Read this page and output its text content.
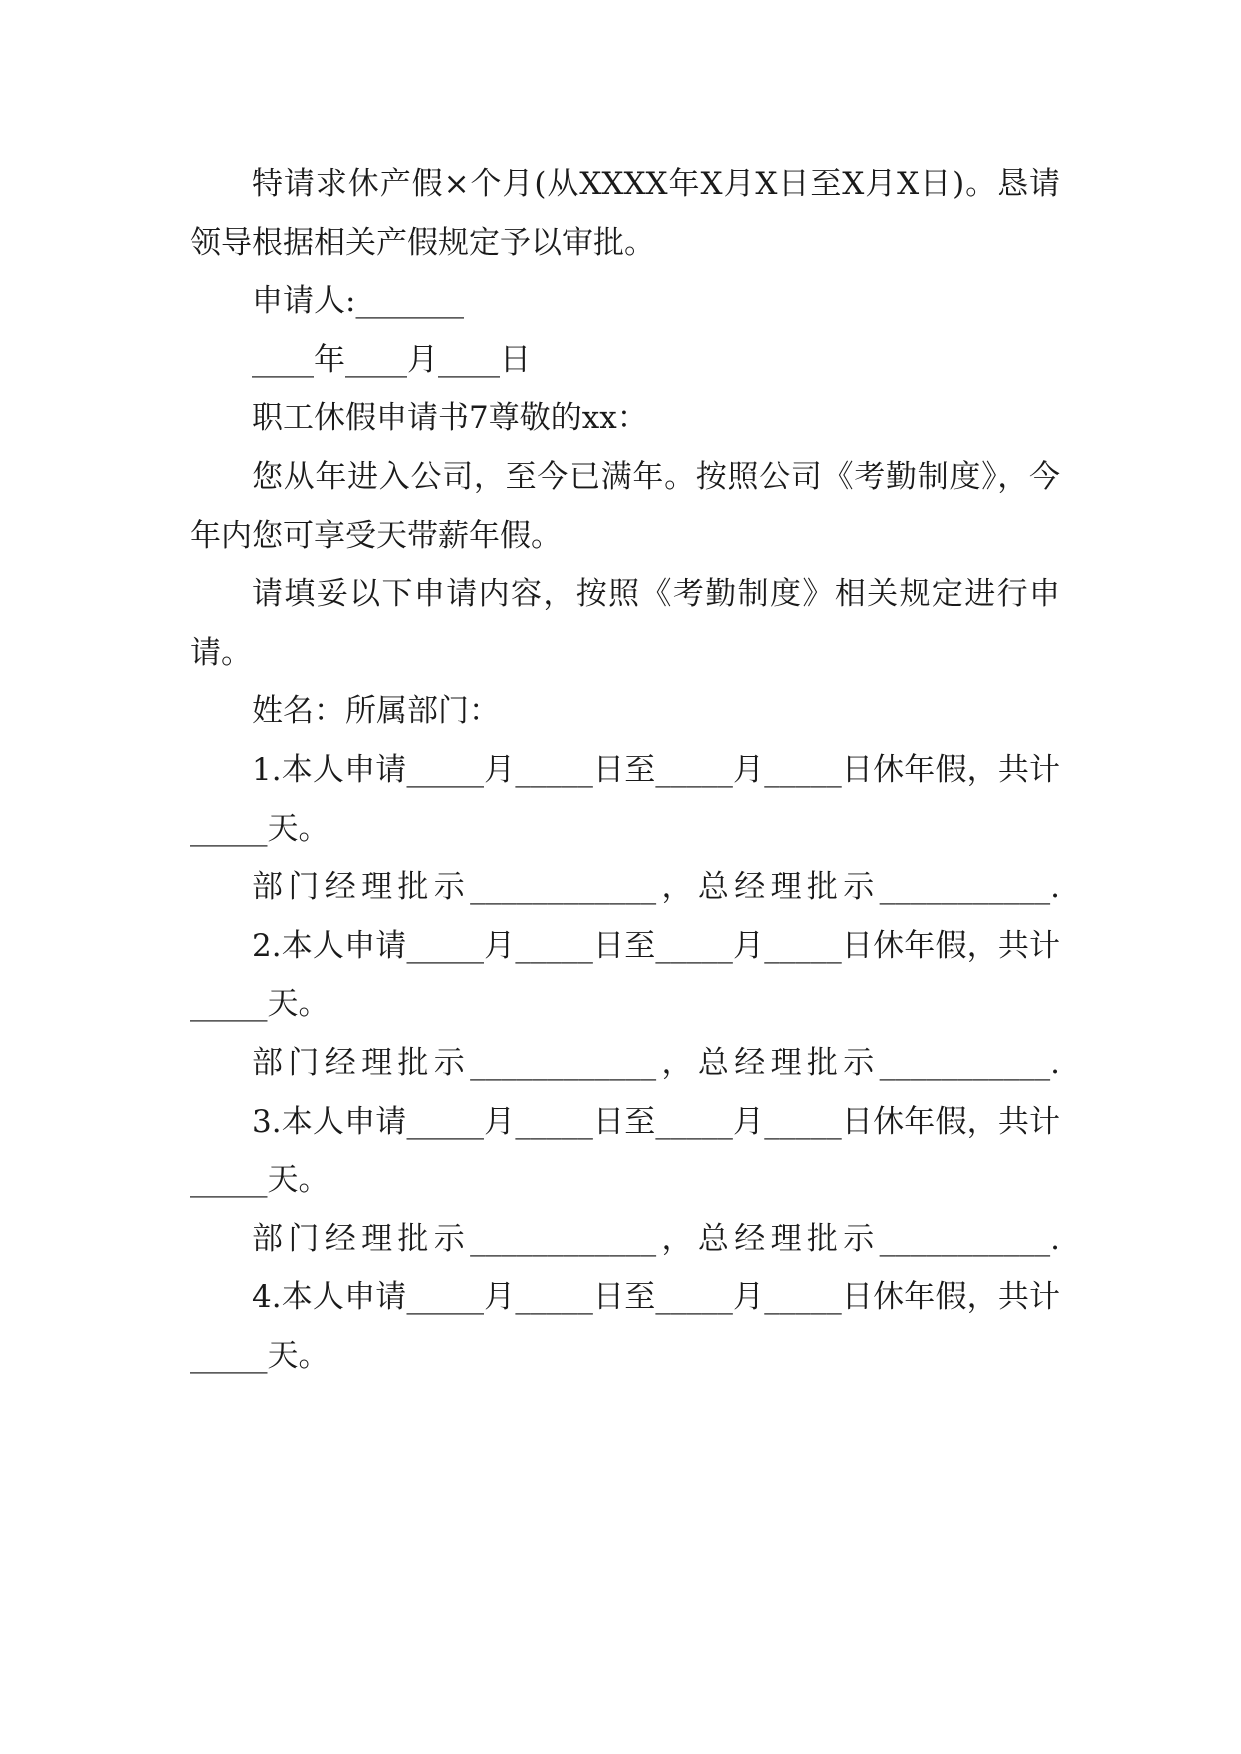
特请求休产假×个月(从XXXX年X月X日至X月X日)。恳请领导根据相关产假规定予以审批。

申请人:_______

____年____月____日

职工休假申请书7尊敬的xx：

您从年进入公司，至今已满年。按照公司《考勤制度》，今年内您可享受天带薪年假。

请填妥以下申请内容，按照《考勤制度》相关规定进行申请。

姓名：所属部门：

1.本人申请_____月_____日至_____月_____日休年假，共计_____天。

部门经理批示____________，总经理批示___________.

2.本人申请_____月_____日至_____月_____日休年假，共计_____天。

部门经理批示____________，总经理批示___________.

3.本人申请_____月_____日至_____月_____日休年假，共计_____天。

部门经理批示____________，总经理批示___________.

4.本人申请_____月_____日至_____月_____日休年假，共计_____天。
